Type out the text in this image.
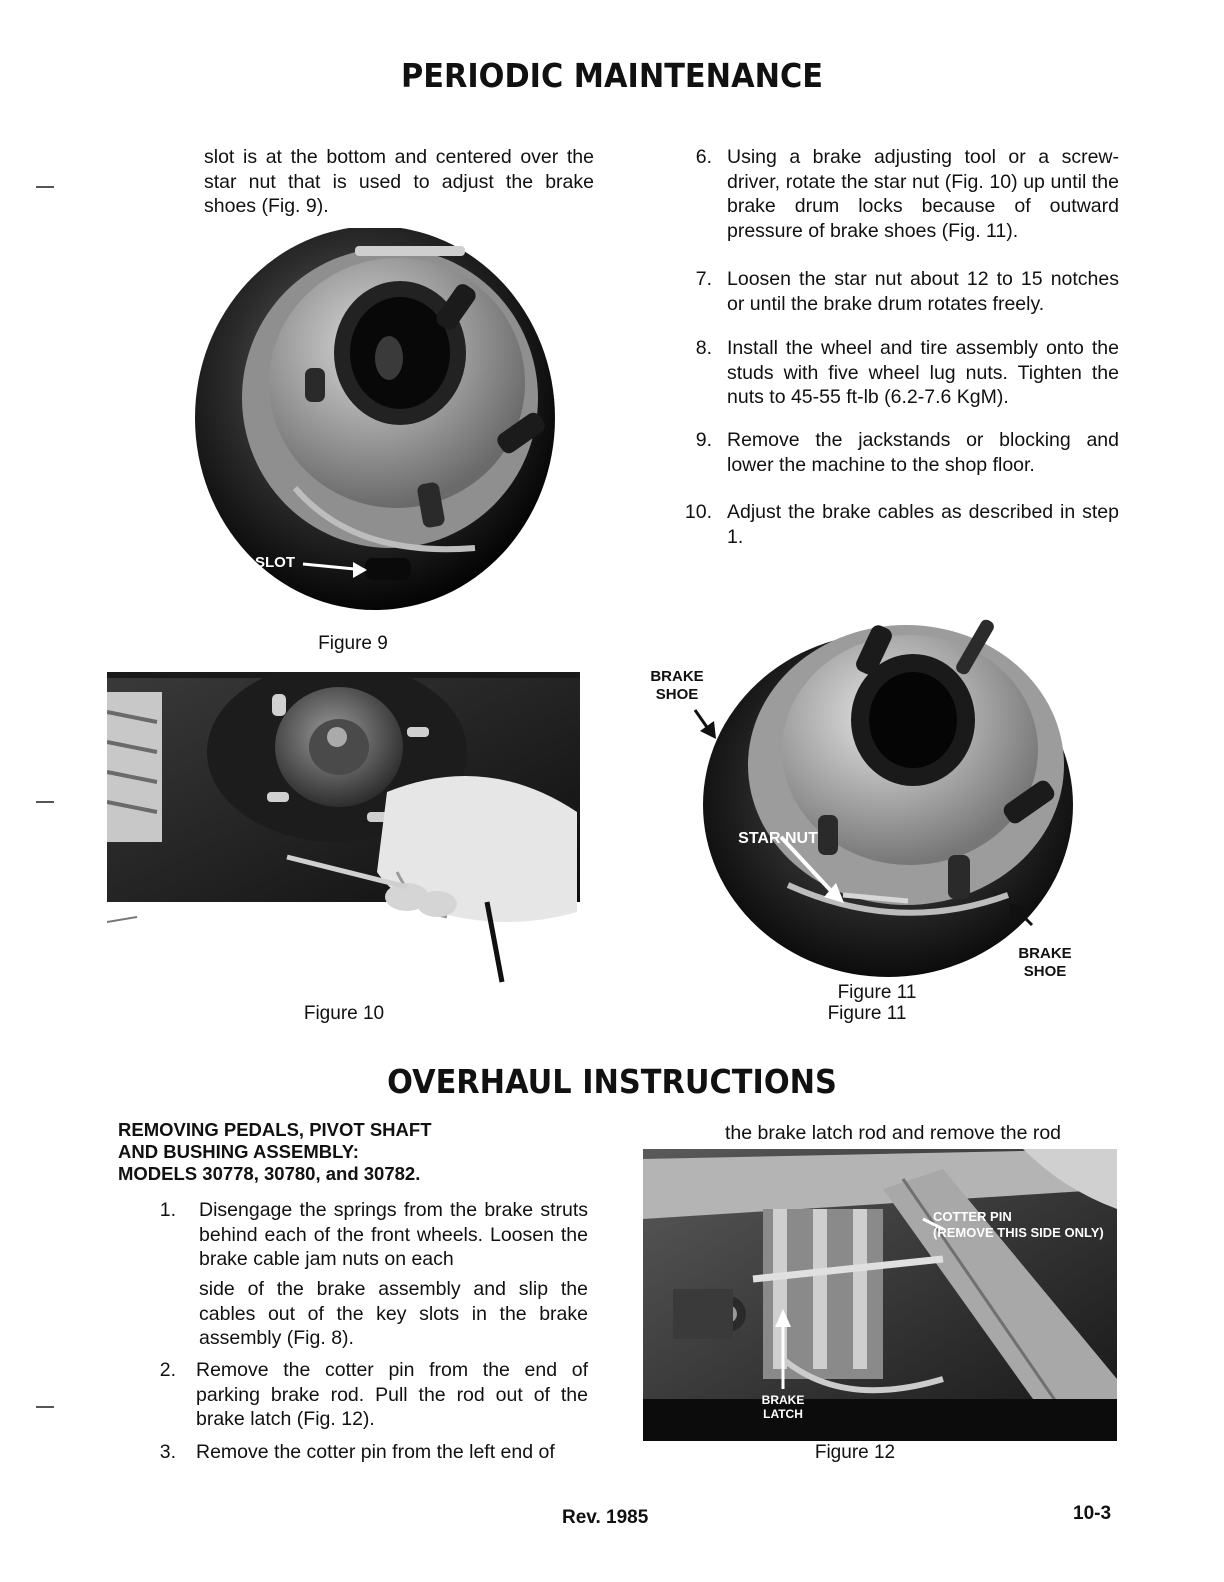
PERIODIC MAINTENANCE
slot is at the bottom and centered over the star nut that is used to adjust the brake shoes (Fig. 9).
6. Using a brake adjusting tool or a screw-driver, rotate the star nut (Fig. 10) up until the brake drum locks because of outward pressure of brake shoes (Fig. 11).
7. Loosen the star nut about 12 to 15 notches or until the brake drum rotates freely.
8. Install the wheel and tire assembly onto the studs with five wheel lug nuts. Tighten the nuts to 45-55 ft-lb (6.2-7.6 KgM).
9. Remove the jackstands or blocking and lower the machine to the shop floor.
10. Adjust the brake cables as described in step 1.
SLOT
Figure 9
Figure 10
BRAKE SHOE
STAR NUT
BRAKE SHOE
Figure 11
Figure 11
OVERHAUL INSTRUCTIONS
REMOVING PEDALS, PIVOT SHAFT
AND BUSHING ASSEMBLY:
MODELS 30778, 30780, and 30782.
1. Disengage the springs from the brake struts behind each of the front wheels. Loosen the brake cable jam nuts on each
side of the brake assembly and slip the cables out of the key slots in the brake assembly (Fig. 8).
2. Remove the cotter pin from the end of parking brake rod. Pull the rod out of the brake latch (Fig. 12).
3. Remove the cotter pin from the left end of
the brake latch rod and remove the rod
COTTER PIN
(REMOVE THIS SIDE ONLY)
BRAKE LATCH
Figure 12
Rev. 1985	10-3
